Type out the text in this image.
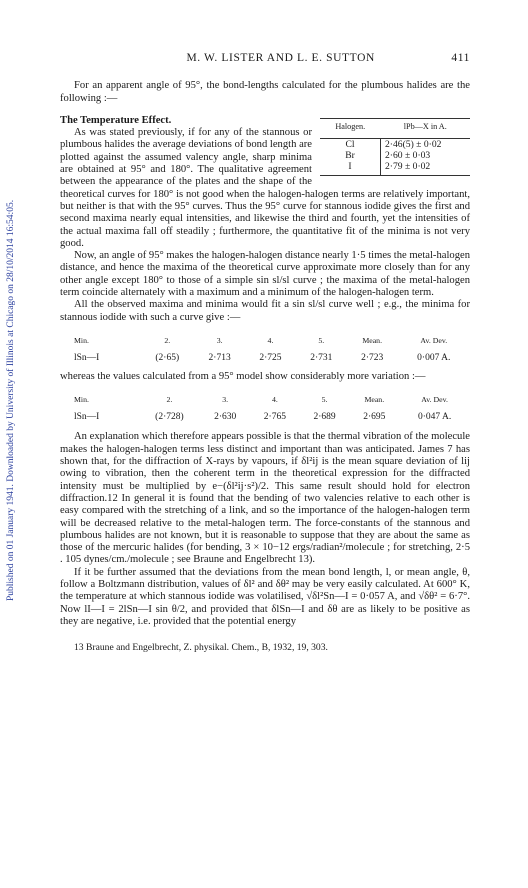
Published on 01 January 1941. Downloaded by University of Illinois at Chicago on 28/10/2014 16:54:05.
M. W. LISTER AND L. E. SUTTON	411

For an apparent angle of 95°, the bond-lengths calculated for the plumbous halides are the following :—

Halogen.	lPb—X in A.
Cl	2·46(5) ± 0·02
Br	2·60 ± 0·03
I	2·79 ± 0·02

The Temperature Effect.

As was stated previously, if for any of the stannous or plumbous halides the average deviations of bond length are plotted against the assumed valency angle, sharp minima are obtained at 95° and 180°. The qualitative agreement between the appearance of the plates and the shape of the theoretical curves for 180° is not good when the halogen-halogen terms are relatively important, but neither is that with the 95° curves. Thus the 95° curve for stannous iodide gives the first and second maxima nearly equal intensities, and likewise the third and fourth, yet the intensities of the actual maxima fall off steadily ; furthermore, the quantitative fit of the minima is not very good.

Now, an angle of 95° makes the halogen-halogen distance nearly 1·5 times the metal-halogen distance, and hence the maxima of the theoretical curve approximate more closely than for any other angle except 180° to those of a simple sin sl/sl curve ; the maxima of the metal-halogen term coincide alternately with a maximum and a minimum of the halogen-halogen term.

All the observed maxima and minima would fit a sin sl/sl curve well ; e.g., the minima for stannous iodide with such a curve give :—

Min.	2.	3.	4.	5.	Mean.	Av. Dev.
lSn—I	(2·65)	2·713	2·725	2·731	2·723	0·007 A.

whereas the values calculated from a 95° model show considerably more variation :—

Min.	2.	3.	4.	5.	Mean.	Av. Dev.
lSn—I	(2·728)	2·630	2·765	2·689	2·695	0·047 A.

An explanation which therefore appears possible is that the thermal vibration of the molecule makes the halogen-halogen terms less distinct and important than was anticipated. James 7 has shown that, for the diffraction of X-rays by vapours, if δl²ij is the mean square deviation of lij owing to vibration, then the coherent term in the theoretical expression for the diffracted intensity must be multiplied by e−(δl²ij·s²)/2. This same result should hold for electron diffraction.12 In general it is found that the bending of two valencies relative to each other is easy compared with the stretching of a link, and so the importance of the halogen-halogen term will be decreased relative to the metal-halogen term. The force-constants of the stannous and plumbous halides are not known, but it is reasonable to suppose that they are about the same as those of the mercuric halides (for bending, 3 × 10−12 ergs/radian²/molecule ; for stretching, 2·5 . 105 dynes/cm./molecule ; see Braune and Engelbrecht 13).

If it be further assumed that the deviations from the mean bond length, l, or mean angle, θ, follow a Boltzmann distribution, values of δl² and δθ² may be very easily calculated. At 600° K, the temperature at which stannous iodide was volatilised, √δl²Sn—I = 0·057 A, and √δθ² = 6·7°. Now lI—I = 2lSn—I sin θ/2, and provided that δlSn—I and δθ are as likely to be positive as they are negative, i.e. provided that the potential energy

13 Braune and Engelbrecht, Z. physikal. Chem., B, 1932, 19, 303.
